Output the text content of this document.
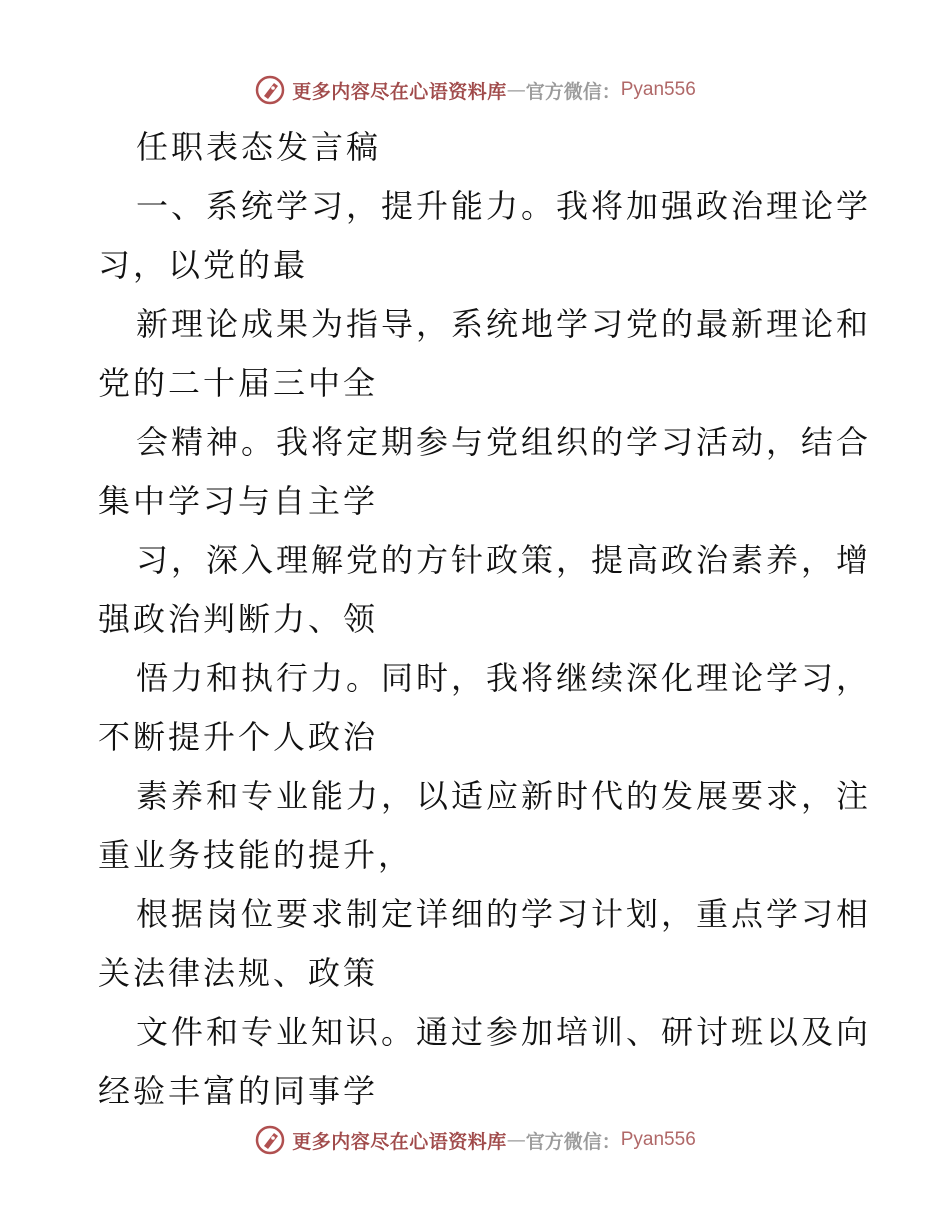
更多内容尽在心语资料库 — 官方微信： Pyan556
任职表态发言稿
一、系统学习，提升能力。我将加强政治理论学
习，以党的最
新理论成果为指导，系统地学习党的最新理论和
党的二十届三中全
会精神。我将定期参与党组织的学习活动，结合
集中学习与自主学
习，深入理解党的方针政策，提高政治素养，增
强政治判断力、领
悟力和执行力。同时，我将继续深化理论学习，
不断提升个人政治
素养和专业能力，以适应新时代的发展要求，注
重业务技能的提升，
根据岗位要求制定详细的学习计划，重点学习相
关法律法规、政策
文件和专业知识。通过参加培训、研讨班以及向
经验丰富的同事学
更多内容尽在心语资料库 — 官方微信： Pyan556
